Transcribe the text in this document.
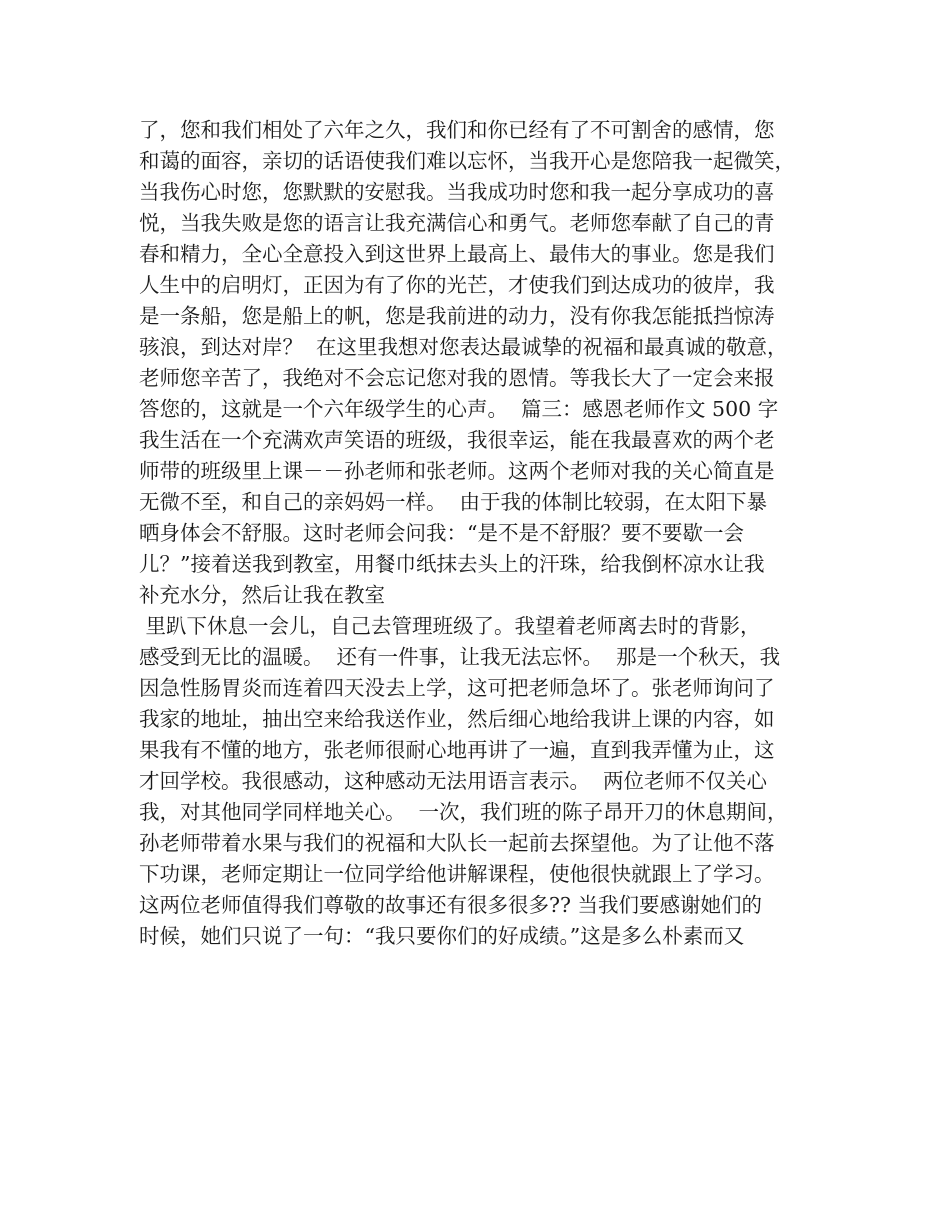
了，您和我们相处了六年之久，我们和你已经有了不可割舍的感情，您
和蔼的面容，亲切的话语使我们难以忘怀，当我开心是您陪我一起微笑，
当我伤心时您，您默默的安慰我。当我成功时您和我一起分享成功的喜
悦，当我失败是您的语言让我充满信心和勇气。老师您奉献了自己的青
春和精力，全心全意投入到这世界上最高上、最伟大的事业。您是我们
人生中的启明灯，正因为有了你的光芒，才使我们到达成功的彼岸，我
是一条船，您是船上的帆，您是我前进的动力，没有你我怎能抵挡惊涛
骇浪，到达对岸？  在这里我想对您表达最诚挚的祝福和最真诚的敬意，
老师您辛苦了，我绝对不会忘记您对我的恩情。等我长大了一定会来报
答您的，这就是一个六年级学生的心声。  篇三：感恩老师作文 500 字
我生活在一个充满欢声笑语的班级，我很幸运，能在我最喜欢的两个老
师带的班级里上课－－孙老师和张老师。这两个老师对我的关心简直是
无微不至，和自己的亲妈妈一样。  由于我的体制比较弱，在太阳下暴
晒身体会不舒服。这时老师会问我：“是不是不舒服？要不要歇一会
儿？”接着送我到教室，用餐巾纸抹去头上的汗珠，给我倒杯凉水让我
补充水分，然后让我在教室
里趴下休息一会儿，自己去管理班级了。我望着老师离去时的背影，
感受到无比的温暖。  还有一件事，让我无法忘怀。  那是一个秋天，我
因急性肠胃炎而连着四天没去上学，这可把老师急坏了。张老师询问了
我家的地址，抽出空来给我送作业，然后细心地给我讲上课的内容，如
果我有不懂的地方，张老师很耐心地再讲了一遍，直到我弄懂为止，这
才回学校。我很感动，这种感动无法用语言表示。  两位老师不仅关心
我，对其他同学同样地关心。  一次，我们班的陈子昂开刀的休息期间，
孙老师带着水果与我们的祝福和大队长一起前去探望他。为了让他不落
下功课，老师定期让一位同学给他讲解课程，使他很快就跟上了学习。
这两位老师值得我们尊敬的故事还有很多很多?? 当我们要感谢她们的
时候，她们只说了一句：“我只要你们的好成绩。”这是多么朴素而又
